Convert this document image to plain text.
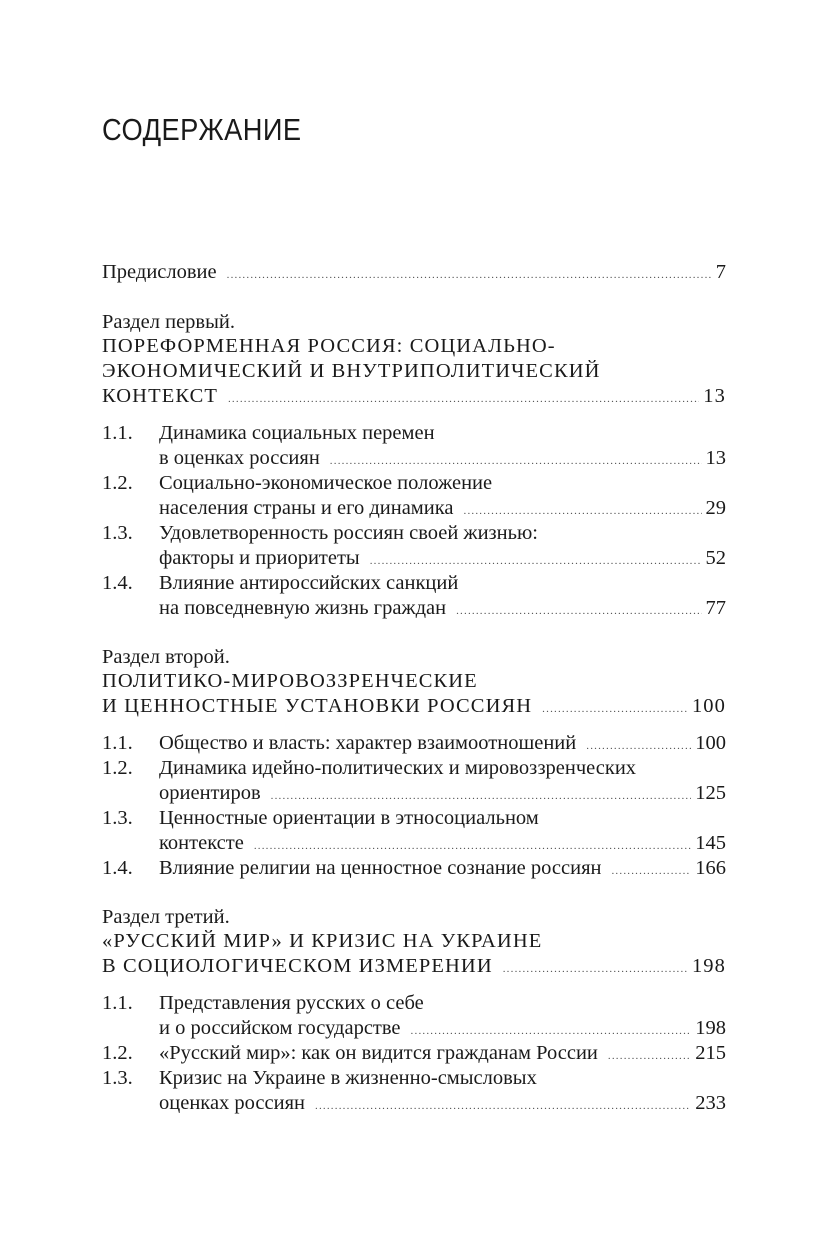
СОДЕРЖАНИЕ
Предисловие .....	7
Раздел первый.
ПОРЕФОРМЕННАЯ РОССИЯ: СОЦИАЛЬНО-
ЭКОНОМИЧЕСКИЙ И ВНУТРИПОЛИТИЧЕСКИЙ
КОНТЕКСТ .....	13
1.1.	Динамика социальных перемен
в оценках россиян .....	13
1.2.	Социально-экономическое положение
населения страны и его динамика .....	29
1.3.	Удовлетворенность россиян своей жизнью:
факторы и приоритеты .....	52
1.4.	Влияние антироссийских санкций
на повседневную жизнь граждан .....	77
Раздел второй.
ПОЛИТИКО-МИРОВОЗЗРЕНЧЕСКИЕ
И ЦЕННОСТНЫЕ УСТАНОВКИ РОССИЯН .....	100
1.1.	Общество и власть: характер взаимоотношений .....	100
1.2.	Динамика идейно-политических и мировоззренческих
ориентиров .....	125
1.3.	Ценностные ориентации в этносоциальном
контексте .....	145
1.4.	Влияние религии на ценностное сознание россиян .....	166
Раздел третий.
«РУССКИЙ МИР» И КРИЗИС НА УКРАИНЕ
В СОЦИОЛОГИЧЕСКОМ ИЗМЕРЕНИИ .....	198
1.1.	Представления русских о себе
и о российском государстве .....	198
1.2.	«Русский мир»: как он видится гражданам России .....	215
1.3.	Кризис на Украине в жизненно-смысловых
оценках россиян .....	233
